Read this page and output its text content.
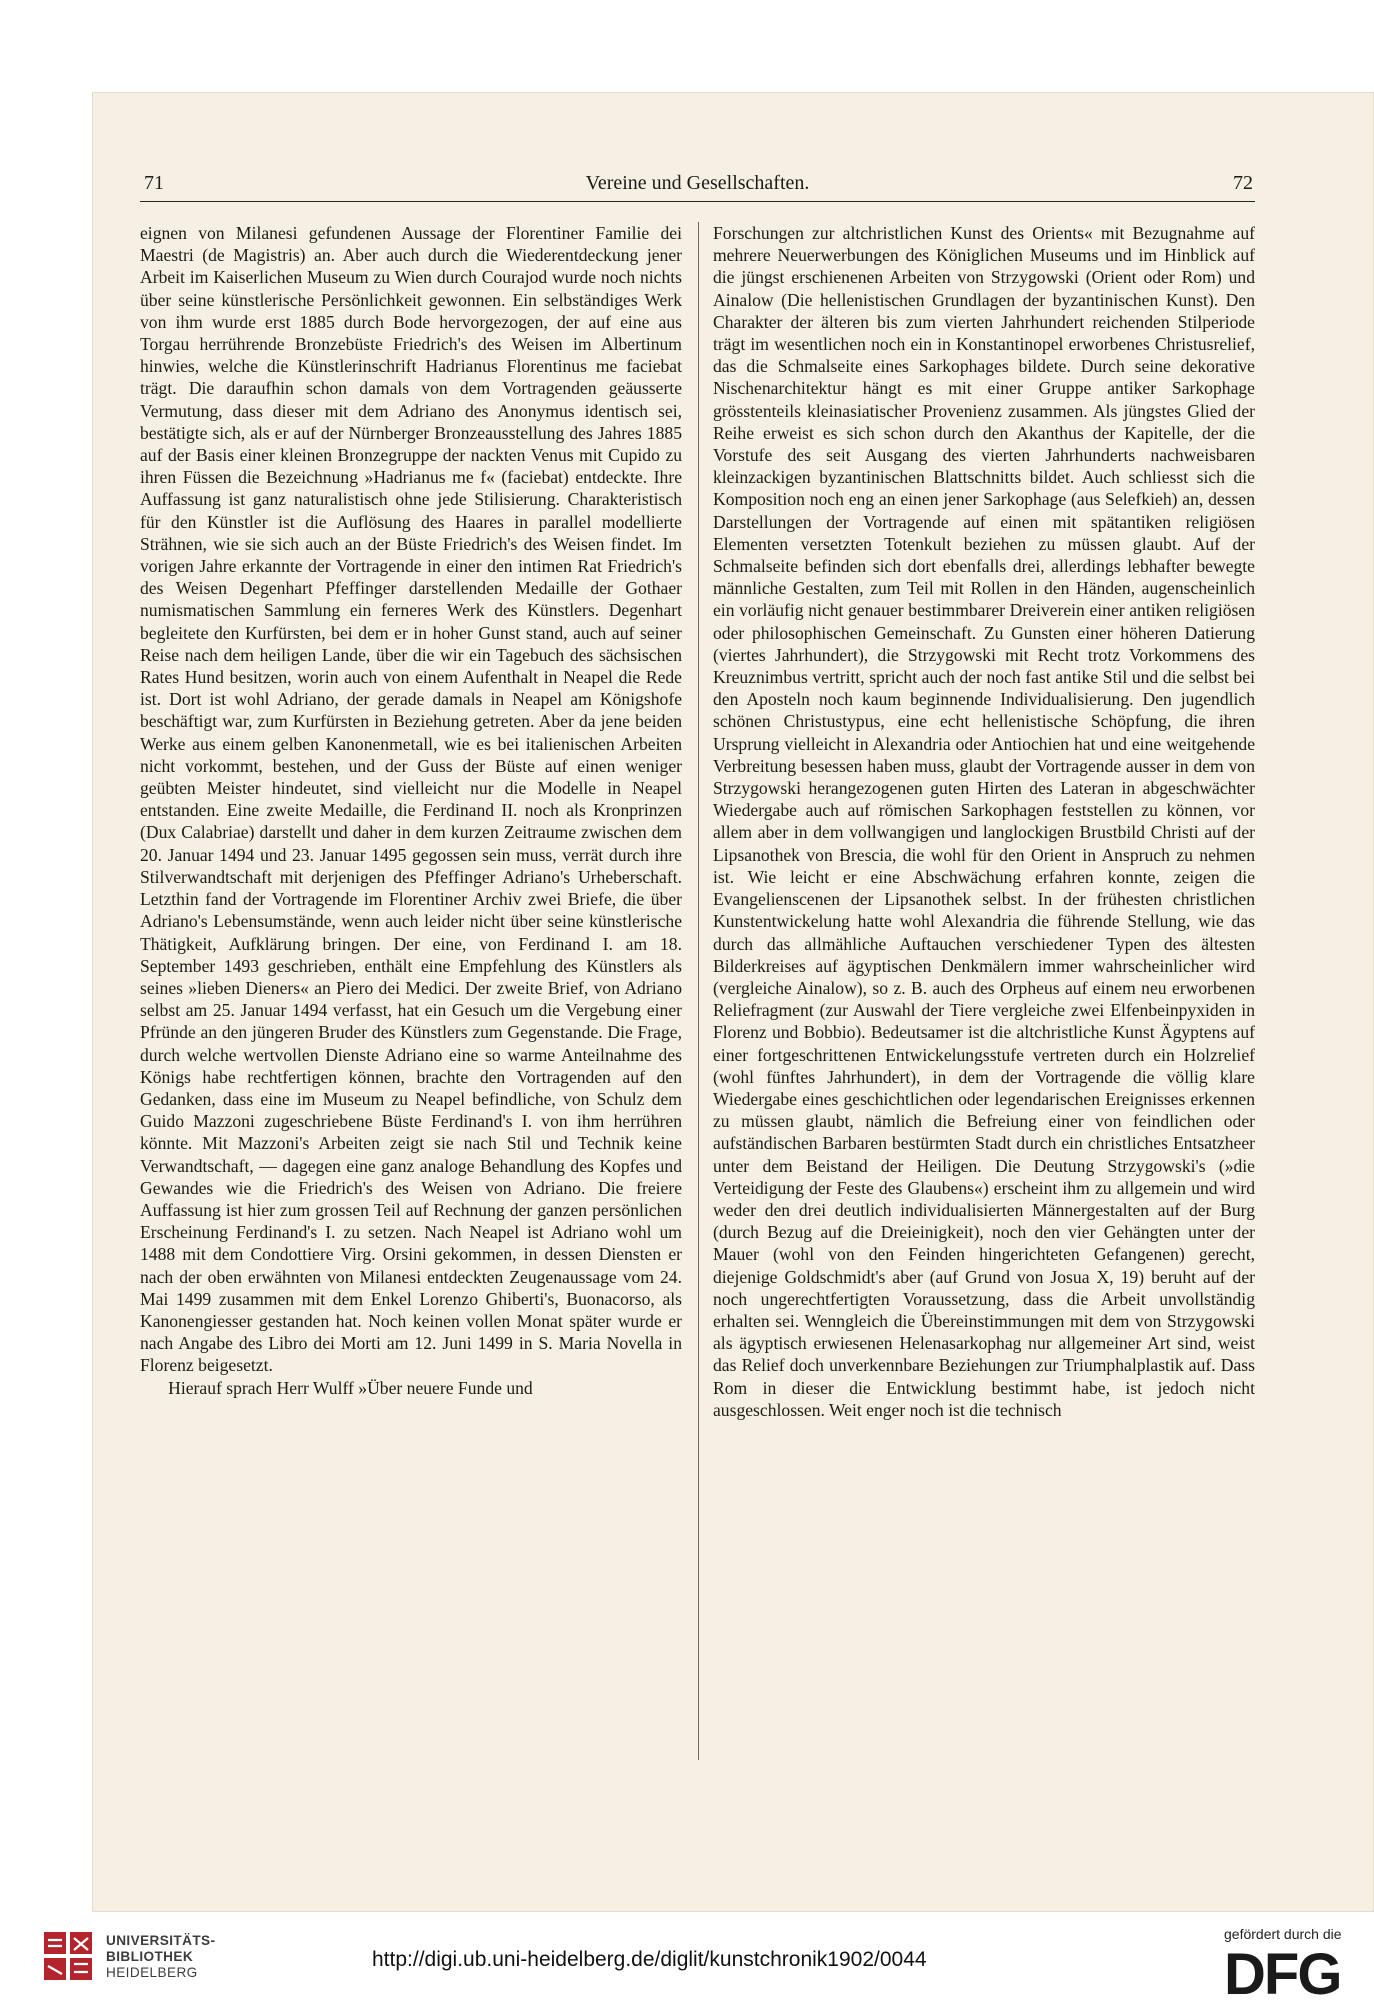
71	Vereine und Gesellschaften.	72

eignen von Milanesi gefundenen Aussage der Florentiner Familie dei Maestri (de Magistris) an. Aber auch durch die Wiederentdeckung jener Arbeit im Kaiserlichen Museum zu Wien durch Courajod wurde noch nichts über seine künstlerische Persönlichkeit gewonnen. Ein selbständiges Werk von ihm wurde erst 1885 durch Bode hervorgezogen, der auf eine aus Torgau herrührende Bronzebüste Friedrich's des Weisen im Albertinum hinwies, welche die Künstlerinschrift Hadrianus Florentinus me faciebat trägt. Die daraufhin schon damals von dem Vortragenden geäusserte Vermutung, dass dieser mit dem Adriano des Anonymus identisch sei, bestätigte sich, als er auf der Nürnberger Bronzeausstellung des Jahres 1885 auf der Basis einer kleinen Bronzegruppe der nackten Venus mit Cupido zu ihren Füssen die Bezeichnung »Hadrianus me f« (faciebat) entdeckte. Ihre Auffassung ist ganz naturalistisch ohne jede Stilisierung. Charakteristisch für den Künstler ist die Auflösung des Haares in parallel modellierte Strähnen, wie sie sich auch an der Büste Friedrich's des Weisen findet. Im vorigen Jahre erkannte der Vortragende in einer den intimen Rat Friedrich's des Weisen Degenhart Pfeffinger darstellenden Medaille der Gothaer numismatischen Sammlung ein ferneres Werk des Künstlers. Degenhart begleitete den Kurfürsten, bei dem er in hoher Gunst stand, auch auf seiner Reise nach dem heiligen Lande, über die wir ein Tagebuch des sächsischen Rates Hund besitzen, worin auch von einem Aufenthalt in Neapel die Rede ist. Dort ist wohl Adriano, der gerade damals in Neapel am Königshofe beschäftigt war, zum Kurfürsten in Beziehung getreten. Aber da jene beiden Werke aus einem gelben Kanonenmetall, wie es bei italienischen Arbeiten nicht vorkommt, bestehen, und der Guss der Büste auf einen weniger geübten Meister hindeutet, sind vielleicht nur die Modelle in Neapel entstanden. Eine zweite Medaille, die Ferdinand II. noch als Kronprinzen (Dux Calabriae) darstellt und daher in dem kurzen Zeitraume zwischen dem 20. Januar 1494 und 23. Januar 1495 gegossen sein muss, verrät durch ihre Stilverwandtschaft mit derjenigen des Pfeffinger Adriano's Urheberschaft. Letzthin fand der Vortragende im Florentiner Archiv zwei Briefe, die über Adriano's Lebensumstände, wenn auch leider nicht über seine künstlerische Thätigkeit, Aufklärung bringen. Der eine, von Ferdinand I. am 18. September 1493 geschrieben, enthält eine Empfehlung des Künstlers als seines »lieben Dieners« an Piero dei Medici. Der zweite Brief, von Adriano selbst am 25. Januar 1494 verfasst, hat ein Gesuch um die Vergebung einer Pfründe an den jüngeren Bruder des Künstlers zum Gegenstande. Die Frage, durch welche wertvollen Dienste Adriano eine so warme Anteilnahme des Königs habe rechtfertigen können, brachte den Vortragenden auf den Gedanken, dass eine im Museum zu Neapel befindliche, von Schulz dem Guido Mazzoni zugeschriebene Büste Ferdinand's I. von ihm herrühren könnte. Mit Mazzoni's Arbeiten zeigt sie nach Stil und Technik keine Verwandtschaft, — dagegen eine ganz analoge Behandlung des Kopfes und Gewandes wie die Friedrich's des Weisen von Adriano. Die freiere Auffassung ist hier zum grossen Teil auf Rechnung der ganzen persönlichen Erscheinung Ferdinand's I. zu setzen. Nach Neapel ist Adriano wohl um 1488 mit dem Condottiere Virg. Orsini gekommen, in dessen Diensten er nach der oben erwähnten von Milanesi entdeckten Zeugenaussage vom 24. Mai 1499 zusammen mit dem Enkel Lorenzo Ghiberti's, Buonacorso, als Kanonengiesser gestanden hat. Noch keinen vollen Monat später wurde er nach Angabe des Libro dei Morti am 12. Juni 1499 in S. Maria Novella in Florenz beigesetzt.

Hierauf sprach Herr Wulff »Über neuere Funde und

Forschungen zur altchristlichen Kunst des Orients« mit Bezugnahme auf mehrere Neuerwerbungen des Königlichen Museums und im Hinblick auf die jüngst erschienenen Arbeiten von Strzygowski (Orient oder Rom) und Ainalow (Die hellenistischen Grundlagen der byzantinischen Kunst). Den Charakter der älteren bis zum vierten Jahrhundert reichenden Stilperiode trägt im wesentlichen noch ein in Konstantinopel erworbenes Christusrelief, das die Schmalseite eines Sarkophages bildete. Durch seine dekorative Nischenarchitektur hängt es mit einer Gruppe antiker Sarkophage grösstenteils kleinasiatischer Provenienz zusammen. Als jüngstes Glied der Reihe erweist es sich schon durch den Akanthus der Kapitelle, der die Vorstufe des seit Ausgang des vierten Jahrhunderts nachweisbaren kleinzackigen byzantinischen Blattschnitts bildet. Auch schliesst sich die Komposition noch eng an einen jener Sarkophage (aus Selefkieh) an, dessen Darstellungen der Vortragende auf einen mit spätantiken religiösen Elementen versetzten Totenkult beziehen zu müssen glaubt. Auf der Schmalseite befinden sich dort ebenfalls drei, allerdings lebhafter bewegte männliche Gestalten, zum Teil mit Rollen in den Händen, augenscheinlich ein vorläufig nicht genauer bestimmbarer Dreiverein einer antiken religiösen oder philosophischen Gemeinschaft. Zu Gunsten einer höheren Datierung (viertes Jahrhundert), die Strzygowski mit Recht trotz Vorkommens des Kreuznimbus vertritt, spricht auch der noch fast antike Stil und die selbst bei den Aposteln noch kaum beginnende Individualisierung. Den jugendlich schönen Christustypus, eine echt hellenistische Schöpfung, die ihren Ursprung vielleicht in Alexandria oder Antiochien hat und eine weitgehende Verbreitung besessen haben muss, glaubt der Vortragende ausser in dem von Strzygowski herangezogenen guten Hirten des Lateran in abgeschwächter Wiedergabe auch auf römischen Sarkophagen feststellen zu können, vor allem aber in dem vollwangigen und langlockigen Brustbild Christi auf der Lipsanothek von Brescia, die wohl für den Orient in Anspruch zu nehmen ist. Wie leicht er eine Abschwächung erfahren konnte, zeigen die Evangelienscenen der Lipsanothek selbst. In der frühesten christlichen Kunstentwickelung hatte wohl Alexandria die führende Stellung, wie das durch das allmähliche Auftauchen verschiedener Typen des ältesten Bilderkreises auf ägyptischen Denkmälern immer wahrscheinlicher wird (vergleiche Ainalow), so z. B. auch des Orpheus auf einem neu erworbenen Reliefragment (zur Auswahl der Tiere vergleiche zwei Elfenbeinpyxiden in Florenz und Bobbio). Bedeutsamer ist die altchristliche Kunst Ägyptens auf einer fortgeschrittenen Entwickelungsstufe vertreten durch ein Holzrelief (wohl fünftes Jahrhundert), in dem der Vortragende die völlig klare Wiedergabe eines geschichtlichen oder legendarischen Ereignisses erkennen zu müssen glaubt, nämlich die Befreiung einer von feindlichen oder aufständischen Barbaren bestürmten Stadt durch ein christliches Entsatzheer unter dem Beistand der Heiligen. Die Deutung Strzygowski's (»die Verteidigung der Feste des Glaubens«) erscheint ihm zu allgemein und wird weder den drei deutlich individualisierten Männergestalten auf der Burg (durch Bezug auf die Dreieinigkeit), noch den vier Gehängten unter der Mauer (wohl von den Feinden hingerichteten Gefangenen) gerecht, diejenige Goldschmidt's aber (auf Grund von Josua X, 19) beruht auf der noch ungerechtfertigten Voraussetzung, dass die Arbeit unvollständig erhalten sei. Wenngleich die Übereinstimmungen mit dem von Strzygowski als ägyptisch erwiesenen Helenasarkophag nur allgemeiner Art sind, weist das Relief doch unverkennbare Beziehungen zur Triumphalplastik auf. Dass Rom in dieser die Entwicklung bestimmt habe, ist jedoch nicht ausgeschlossen. Weit enger noch ist die technisch

UNIVERSITÄTS-
BIBLIOTHEK
HEIDELBERG
http://digi.ub.uni-heidelberg.de/diglit/kunstchronik1902/0044
gefördert durch die
DFG
